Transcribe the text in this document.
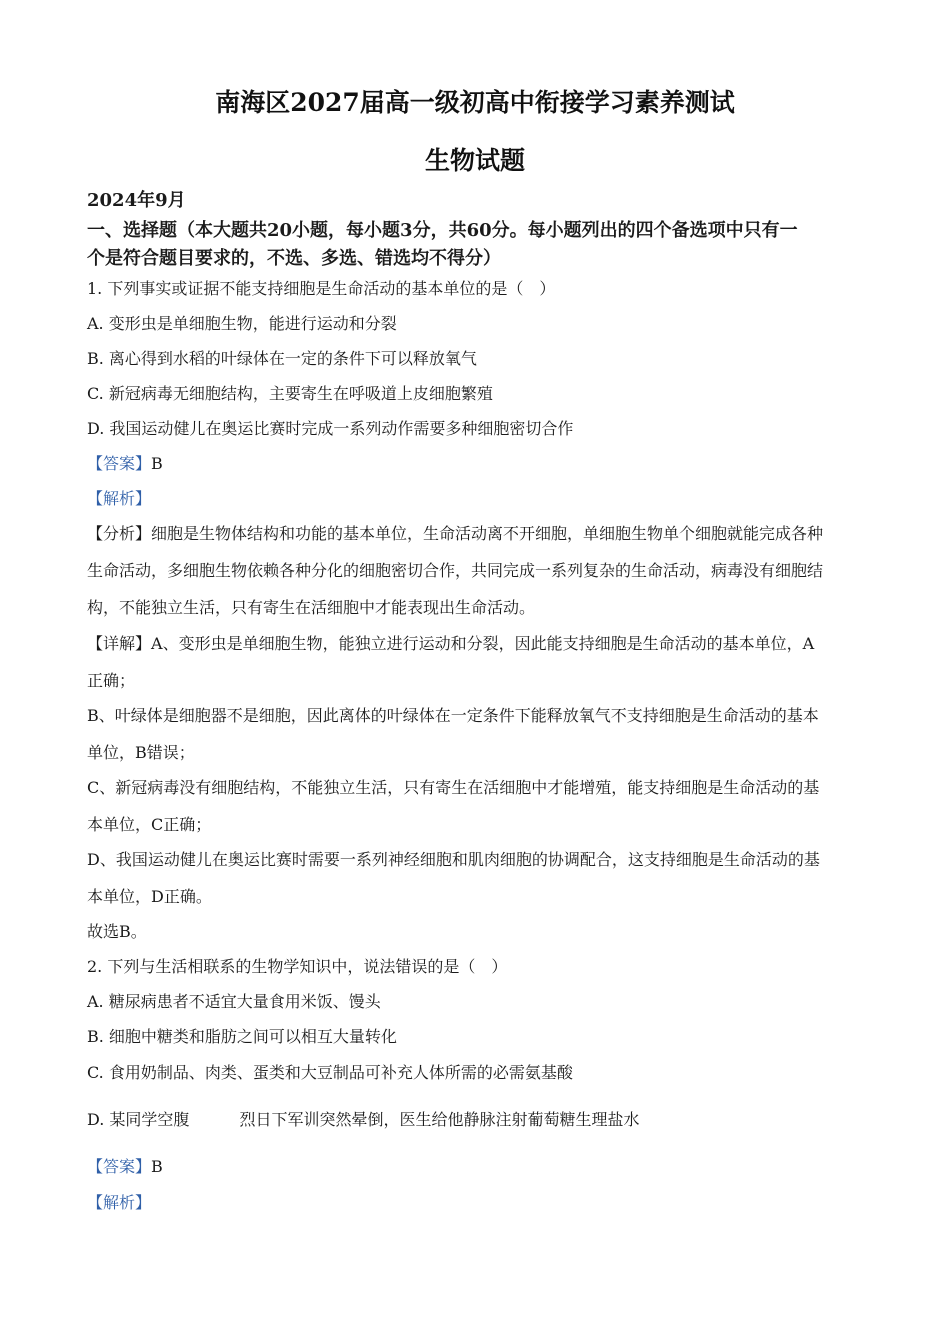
南海区2027届高一级初高中衔接学习素养测试
生物试题
2024年9月
一、选择题（本大题共20小题，每小题3分，共60分。每小题列出的四个备选项中只有一
个是符合题目要求的，不选、多选、错选均不得分）
1. 下列事实或证据不能支持细胞是生命活动的基本单位的是（　）
A. 变形虫是单细胞生物，能进行运动和分裂
B. 离心得到水稻的叶绿体在一定的条件下可以释放氧气
C. 新冠病毒无细胞结构，主要寄生在呼吸道上皮细胞繁殖
D. 我国运动健儿在奥运比赛时完成一系列动作需要多种细胞密切合作
【答案】B
【解析】
【分析】细胞是生物体结构和功能的基本单位，生命活动离不开细胞，单细胞生物单个细胞就能完成各种
生命活动，多细胞生物依赖各种分化的细胞密切合作，共同完成一系列复杂的生命活动，病毒没有细胞结
构，不能独立生活，只有寄生在活细胞中才能表现出生命活动。
【详解】A、变形虫是单细胞生物，能独立进行运动和分裂，因此能支持细胞是生命活动的基本单位，A
正确；
B、叶绿体是细胞器不是细胞，因此离体的叶绿体在一定条件下能释放氧气不支持细胞是生命活动的基本
单位，B错误；
C、新冠病毒没有细胞结构，不能独立生活，只有寄生在活细胞中才能增殖，能支持细胞是生命活动的基
本单位，C正确；
D、我国运动健儿在奥运比赛时需要一系列神经细胞和肌肉细胞的协调配合，这支持细胞是生命活动的基
本单位，D正确。
故选B。
2. 下列与生活相联系的生物学知识中，说法错误的是（　）
A. 糖尿病患者不适宜大量食用米饭、馒头
B. 细胞中糖类和脂肪之间可以相互大量转化
C. 食用奶制品、肉类、蛋类和大豆制品可补充人体所需的必需氨基酸
D. 某同学空腹	烈日下军训突然晕倒，医生给他静脉注射葡萄糖生理盐水
【答案】B
【解析】
